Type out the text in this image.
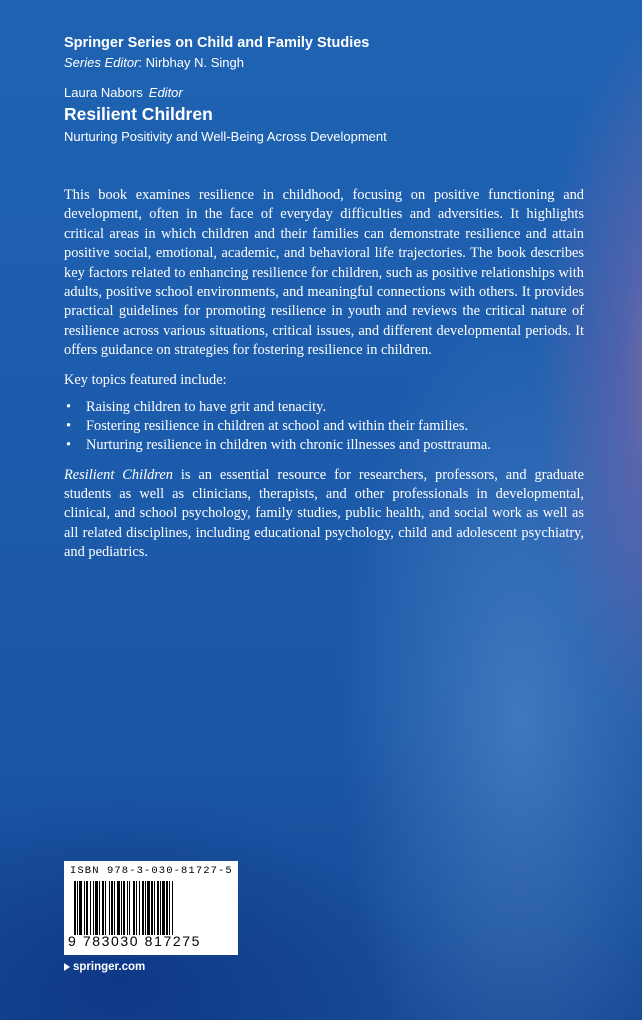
Springer Series on Child and Family Studies

Series Editor: Nirbhay N. Singh

Laura Nabors Editor

Resilient Children

Nurturing Positivity and Well-Being Across Development

This book examines resilience in childhood, focusing on positive functioning and development, often in the face of everyday difficulties and adversities. It highlights critical areas in which children and their families can demonstrate resilience and attain positive social, emotional, academic, and behavioral life trajectories. The book describes key factors related to enhancing resilience for children, such as positive relationships with adults, positive school environments, and meaningful connections with others. It provides practical guidelines for promoting resilience in youth and reviews the critical nature of resilience across various situations, critical issues, and different developmental periods. It offers guidance on strategies for fostering resilience in children.

Key topics featured include:

• Raising children to have grit and tenacity.
• Fostering resilience in children at school and within their families.
• Nurturing resilience in children with chronic illnesses and posttrauma.

Resilient Children is an essential resource for researchers, professors, and graduate students as well as clinicians, therapists, and other professionals in developmental, clinical, and school psychology, family studies, public health, and social work as well as all related disciplines, including educational psychology, child and adolescent psychiatry, and pediatrics.

ISBN 978-3-030-81727-5
9 783030 817275
springer.com
